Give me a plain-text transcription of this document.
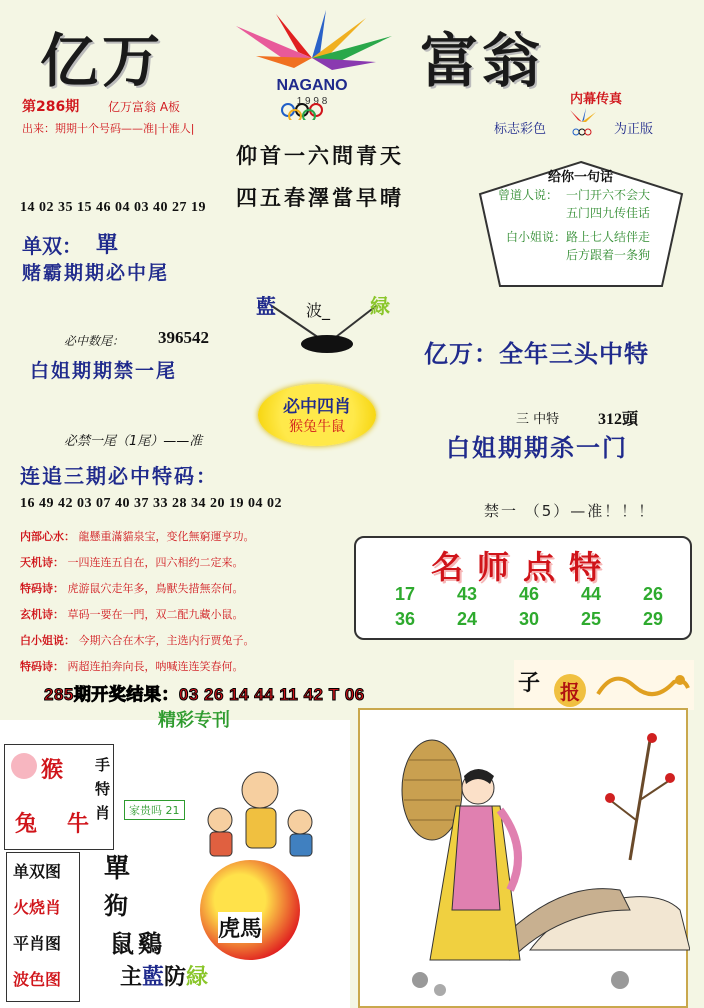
亿万	富翁
NAGANO
1 9 9 8
第286期 亿万富翁 A板
出来：期期十个号码——准|十准人|
内幕传真
标志彩色	为正版
仰首一六問青天
四五春澤當早晴
给你一句话
曾道人说： 一门开六不会大
五门四九传佳话
白小姐说： 路上七人结伴走
后方跟着一条狗
14 02 35 15 46 04 03 40 27 19
单双： 單
赌霸期期必中尾
藍 波_ 緑
必中数尾： 396542
白姐期期禁一尾
亿万：全年三头中特
必中四肖
猴兔牛鼠	三 中特 312頭
白姐期期杀一门
必禁一尾（1尾）——准
连追三期必中特码：
16 49 42 03 07 40 37 33 28 34 20 19 04 02	禁一 （5）—准！！！
内部心水： 龍懸重滿貓泉宝，变化無窮運亨功。
天机诗： 一四连连五自在，四六相约二定来。
特码诗： 虎游鼠穴走年多，鳥獸失措無奈何。
玄机诗： 草码一要在一門，双二配九藏小鼠。
白小姐说： 今期六合在木字，主选内行贾兔子。
特码诗： 两超连拍奔向長，呐喊连连笑春何。
名师点特
17	43	46	44	26
36	24	30	25	29
285期开奖结果：03 26 14 44 11 42 T 06
精彩专刊
猴
兔 牛
手特肖	家贵吗 21
单双图
火烧肖
平肖图
波色图
單
狗
鼠 鷄
虎馬
主藍防緑
子 报
